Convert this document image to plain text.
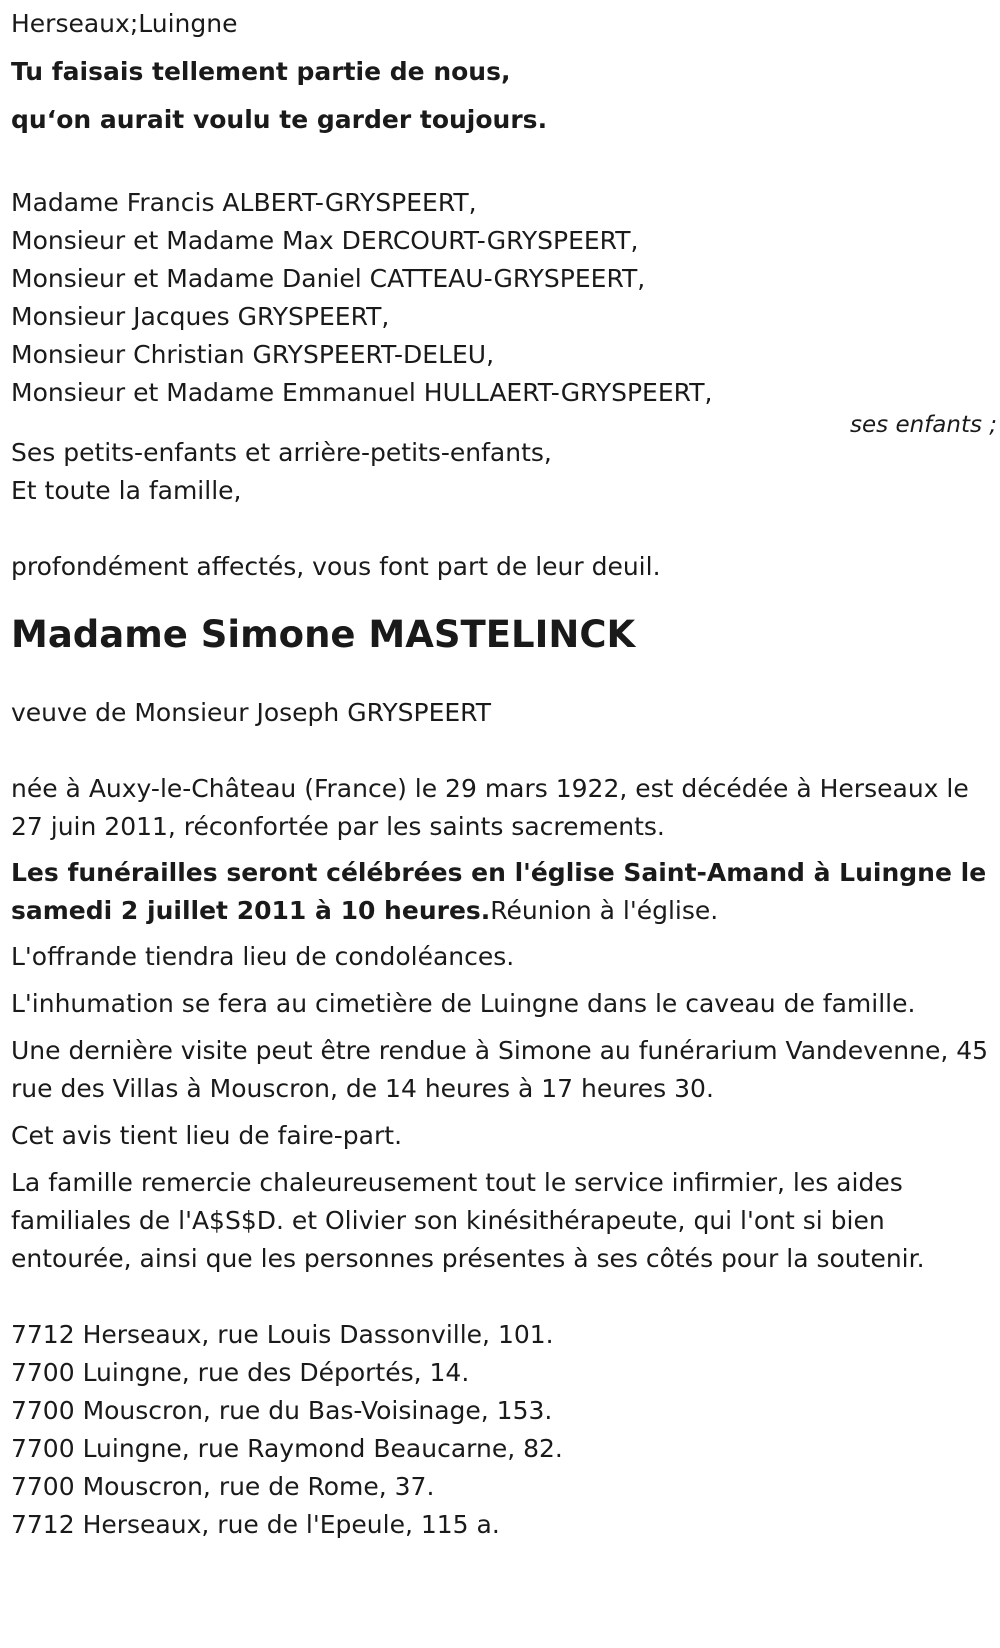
Herseaux;Luingne
Tu faisais tellement partie de nous,
qu‘on aurait voulu te garder toujours.
Madame Francis ALBERT-GRYSPEERT,
Monsieur et Madame Max DERCOURT-GRYSPEERT,
Monsieur et Madame Daniel CATTEAU-GRYSPEERT,
Monsieur Jacques GRYSPEERT,
Monsieur Christian GRYSPEERT-DELEU,
Monsieur et Madame Emmanuel HULLAERT-GRYSPEERT,
ses enfants ;
Ses petits-enfants et arrière-petits-enfants,
Et toute la famille,
profondément affectés, vous font part de leur deuil.
Madame Simone MASTELINCK
veuve de Monsieur Joseph GRYSPEERT
née à Auxy-le-Château (France) le 29 mars 1922, est décédée à Herseaux le 27 juin 2011, réconfortée par les saints sacrements.
Les funérailles seront célébrées en l'église Saint-Amand à Luingne le samedi 2 juillet 2011 à 10 heures.Réunion à l'église.
L'offrande tiendra lieu de condoléances.
L'inhumation se fera au cimetière de Luingne dans le caveau de famille.
Une dernière visite peut être rendue à Simone au funérarium Vandevenne, 45 rue des Villas à Mouscron, de 14 heures à 17 heures 30.
Cet avis tient lieu de faire-part.
La famille remercie chaleureusement tout le service infirmier, les aides familiales de l'A$S$D. et Olivier son kinésithérapeute, qui l'ont si bien entourée, ainsi que les personnes présentes à ses côtés pour la soutenir.
7712 Herseaux, rue Louis Dassonville, 101.
7700 Luingne, rue des Déportés, 14.
7700 Mouscron, rue du Bas-Voisinage, 153.
7700 Luingne, rue Raymond Beaucarne, 82.
7700 Mouscron, rue de Rome, 37.
7712 Herseaux, rue de l'Epeule, 115 a.
